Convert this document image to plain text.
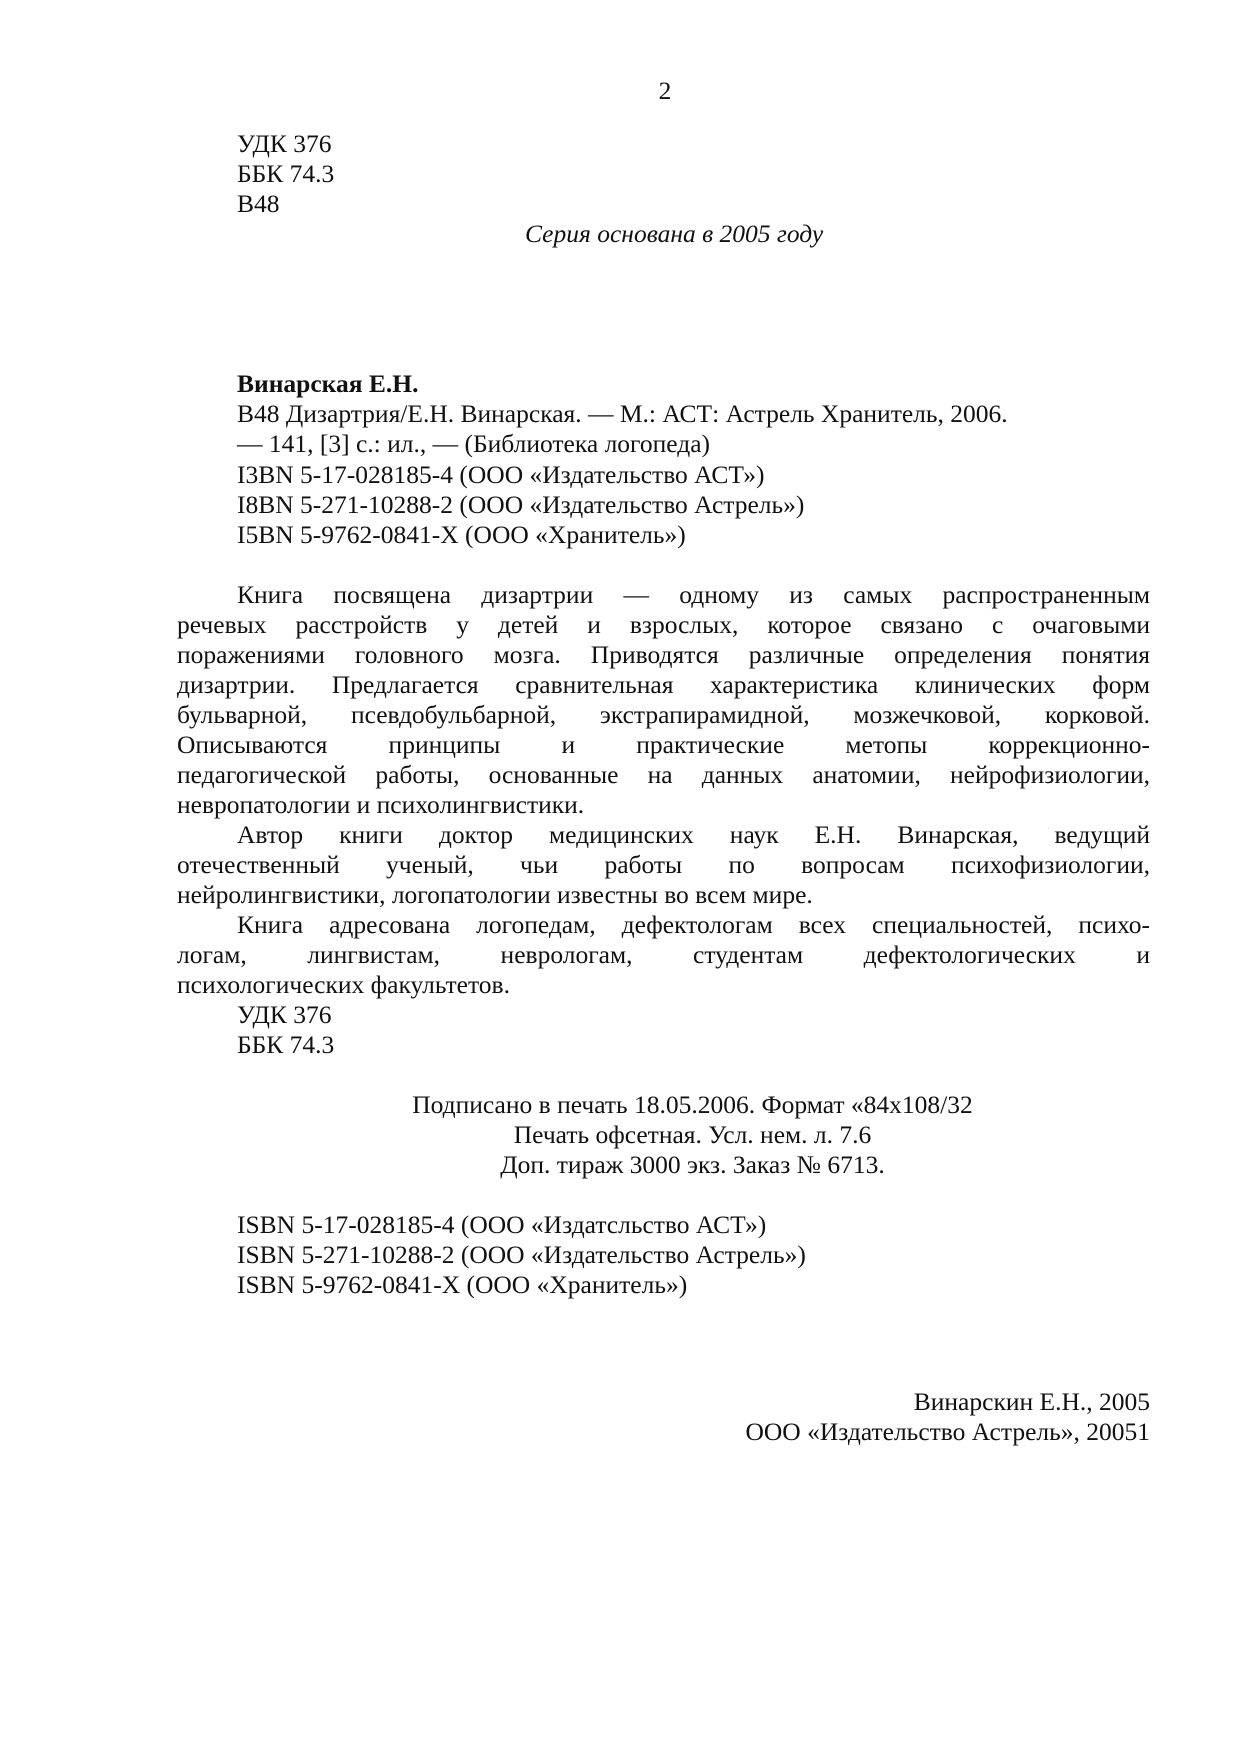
2
УДК 376
ББК 74.3
В48
Серия основана в 2005 году
Винарская Е.Н.
В48 Дизартрия/Е.Н. Винарская. — М.: АСТ: Астрель Хранитель, 2006.
— 141, [3] с.: ил., — (Библиотека логопеда)
I3BN 5-17-028185-4 (ООО «Издательство АСТ»)
I8BN 5-271-10288-2 (ООО «Издательство Астрель»)
I5BN 5-9762-0841-Х (ООО «Хранитель»)
Книга посвящена дизартрии — одному из самых распространенным
речевых расстройств у детей и взрослых, которое связано с очаговыми
поражениями головного мозга. Приводятся различные определения понятия
дизартрии. Предлагается сравнительная характеристика клинических форм
бульварной, псевдобульбарной, экстрапирамидной, мозжечковой, корковой.
Описываются принципы и практические метопы коррекционно-
педагогической работы, основанные на данных анатомии, нейрофизиологии,
невропатологии и психолингвистики.
Автор книги доктор медицинских наук Е.Н. Винарская, ведущий
отечественный ученый, чьи работы по вопросам психофизиологии,
нейролингвистики, логопатологии известны во всем мире.
Книга адресована логопедам, дефектологам всех специальностей, психо-
логам, лингвистам, неврологам, студентам дефектологических и
психологических факультетов.
УДК 376
ББК 74.3
Подписано в печать 18.05.2006. Формат «84х108/32
Печать офсетная. Усл. нем. л. 7.6
Доп. тираж 3000 экз. Заказ № 6713.
ISBN 5-17-028185-4 (ООО «Издатсльство АСТ»)
ISBN 5-271-10288-2 (ООО «Издательство Астрель»)
ISBN 5-9762-0841-Х (ООО «Хранитель»)
Винарскин Е.Н., 2005
ООО «Издательство Астрель», 20051
